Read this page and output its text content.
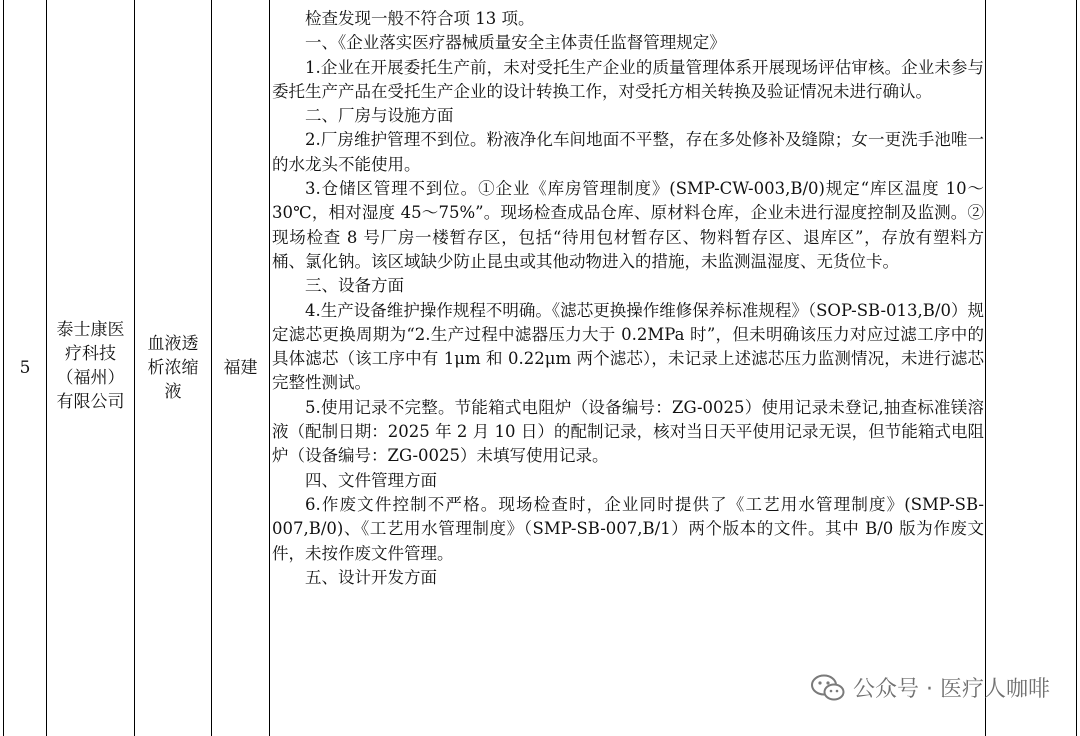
5
泰士康医
疗科技
（福州）
有限公司
血液透
析浓缩
液
福建

检查发现一般不符合项 13 项。

一、《企业落实医疗器械质量安全主体责任监督管理规定》

1.企业在开展委托生产前，未对受托生产企业的质量管理体系开展现场评估审核。企业未参与委托生产产品在受托生产企业的设计转换工作，对受托方相关转换及验证情况未进行确认。

二、厂房与设施方面

2.厂房维护管理不到位。粉液净化车间地面不平整，存在多处修补及缝隙；女一更洗手池唯一的水龙头不能使用。

3.仓储区管理不到位。①企业《库房管理制度》(SMP-CW-003,B/0)规定“库区温度 10～30℃，相对湿度 45～75%”。现场检查成品仓库、原材料仓库，企业未进行湿度控制及监测。②现场检查 8 号厂房一楼暂存区，包括“待用包材暂存区、物料暂存区、退库区”，存放有塑料方桶、氯化钠。该区域缺少防止昆虫或其他动物进入的措施，未监测温湿度、无货位卡。

三、设备方面

4.生产设备维护操作规程不明确。《滤芯更换操作维修保养标准规程》（SOP-SB-013,B/0）规定滤芯更换周期为“2.生产过程中滤器压力大于 0.2MPa 时”，但未明确该压力对应过滤工序中的具体滤芯（该工序中有 1μm 和 0.22μm 两个滤芯），未记录上述滤芯压力监测情况，未进行滤芯完整性测试。

5.使用记录不完整。节能箱式电阻炉（设备编号：ZG-0025）使用记录未登记,抽查标准镁溶液（配制日期：2025 年 2 月 10 日）的配制记录，核对当日天平使用记录无误，但节能箱式电阻炉（设备编号：ZG-0025）未填写使用记录。

四、文件管理方面

6.作废文件控制不严格。现场检查时，企业同时提供了《工艺用水管理制度》(SMP-SB-007,B/0)、《工艺用水管理制度》（SMP-SB-007,B/1）两个版本的文件。其中 B/0 版为作废文件，未按作废文件管理。

五、设计开发方面

公众号 · 医疗人咖啡
